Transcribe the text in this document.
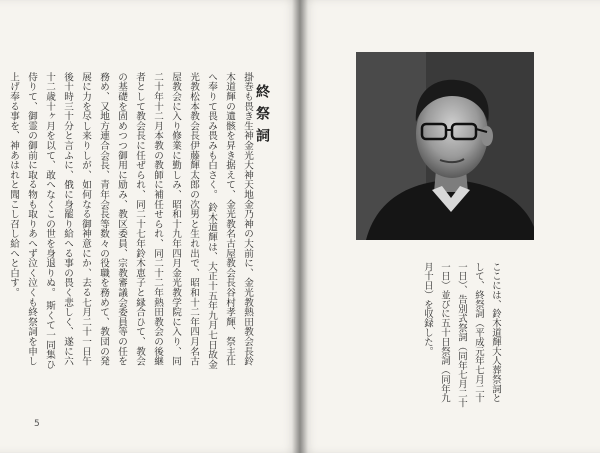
終祭詞
掛巻も畏き生神金光大神天地金乃神の大前に、金光教熱田教会長鈴木道輝の遺骸を昇き据えて、金光教名古屋教会長谷村孝輝、祭主仕へ奉りて畏み畏みも白さく。 鈴木道輝は、大正十五年九月七日故金光教松本教会長伊藤輝太郎の次男と生れ出で、昭和十二年四月名古屋教会に入り修業に勤しみ、昭和十九年四月金光教学院に入り、同二十年十二月本教の教師に補任せられ、同二十二年熱田教会の後継者として教会長に任ぜられ、同二十七年鈴木恵子と縁合ひて、教会の基礎を固めつつ御用に励み、教区委員、宗教審議会委員等の任を務め、又地方連合会長、青年会長等数々の役職を務めて、教団の発展に力を尽し来りしが、如何なる御神意にか、去る七月二十一日午後十時三十分と言ふに、俄に身罷り給へる事の畏く悲しく、遂に六十二歳十ヶ月を以て、敢へなくこの世を身退りぬ。 斯くて一同集ひ侍りて、御霊の御前に取る物も取りあへず泣く泣くも終祭詞を申し上げ奉る事を、神あはれと聞こし召し給へと白す。
5
ここには、鈴木道輝大人葬祭詞として、終祭詞（平成元年七月二十一日）、告別式祭詞（同年七月二十一日）並びに五十日祭詞（同年九月十日）を収録した。
